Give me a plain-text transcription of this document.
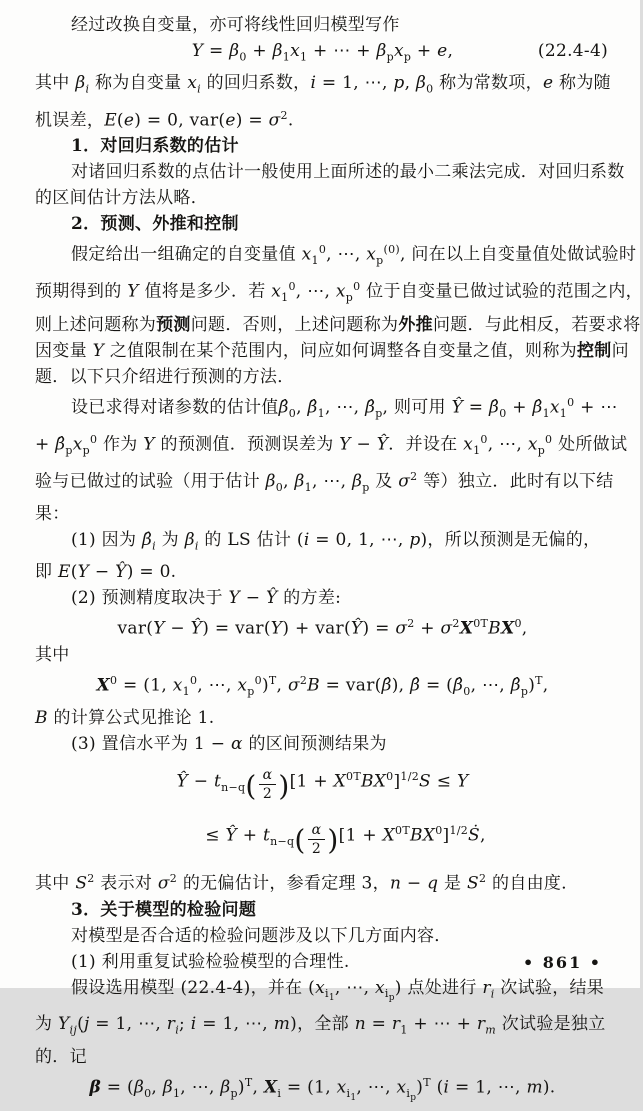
经过改换自变量，亦可将线性回归模型写作
$Y = \beta_0 + \beta_1x_1$ + ⋯ + $\beta_px_p + e$,	(22.4-4)
其中 $\beta_i$ 称为自变量 $x_i$ 的回归系数，i = 1, ⋯, p, $\beta_0$ 称为常数项，e 称为随
机误差，E(e) = 0, $var(e) = \sigma^2$.
1．对回归系数的估计
对诸回归系数的点估计一般使用上面所述的最小二乘法完成．对回归系数
的区间估计方法从略．
2．预测、外推和控制
假定给出一组确定的自变量值 $x_1^0$, ⋯, $x_p^{(0)}$, 问在以上自变量值处做试验时
预期得到的 Y 值将是多少．若 $x_1^0$, ⋯, $x_p^0$ 位于自变量已做过试验的范围之内，
则上述问题称为预测问题．否则，上述问题称为外推问题．与此相反，若要求将
因变量 Y 之值限制在某个范围内，问应如何调整各自变量之值，则称为控制问
题．以下只介绍进行预测的方法．
设已求得对诸参数的估计值$\betâ_0$, $\betâ_1$, ⋯, $\betâ_p$, 则可用 Ŷ = $\betâ_0$ + $\betâ_1x_1^0$ + ⋯
+ $\betâ_px_p^0$ 作为 Y 的预测值．预测误差为 Y − Ŷ．并设在 $x_1^0$, ⋯, $x_p^0$ 处所做试
验与已做过的试验（用于估计 $\beta_0$, $\beta_1$, ⋯, $\beta_p$ 及 $\sigma^2$ 等）独立．此时有以下结
果：
(1) 因为 $\betâ_i$ 为 $\beta_i$ 的 LS 估计 (i = 0, 1, ⋯, p)，所以预测是无偏的，
即 E(Y − Ŷ) = 0.
(2) 预测精度取决于 Y − Ŷ 的方差:
var(Y − Ŷ) = var(Y) + var(Ŷ) = $\sigma^2 + \sigma^2X^{0T}BX^0$,
其中
$X^0 = (1$, $x_1^0$, ⋯, $x_p^0)^T$, $\sigma^2B$ = var(β̂), β̂ = ($\betâ_0$, ⋯, $\betâ_p)^T$,
B 的计算公式见推论 1.
(3) 置信水平为 1 − α 的区间预测结果为
Ŷ − $t_{n-q}( \frac{\alpha}{2} )[1 + X^{0T}BX^0]^{1/2}S \le Y$
≤ Ŷ + $t_{n-q}( \frac{\alpha}{2} )[1$ + $X^{0T}BX^0]^{1/2}Ṡ$,
其中 $S^2$ 表示对 $\sigma^2$ 的无偏估计，参看定理 3，n − q 是 $S^2$ 的自由度．
3．关于模型的检验问题
对模型是否合适的检验问题涉及以下几方面内容．
(1) 利用重复试验检验模型的合理性.
假设选用模型 (22.4-4)，并在 ($x_{i_1}$, ⋯, $x_{i_p}$) 点处进行 $r_i$ 次试验，结果
为 $Y_{ij}(j = 1$, ⋯, $r_i$; i = 1, ⋯, m)，全部 $n = r_1$ + ⋯ + $r_m$ 次试验是独立
的．记
$\beta = (\beta_0$, $\beta_1$, ⋯, $\beta_p)^T$, $X_i = (1$, $x_{i_1}$, ⋯, $x_{i_p})^T$ (i = 1, ⋯, m).
• 861 •
